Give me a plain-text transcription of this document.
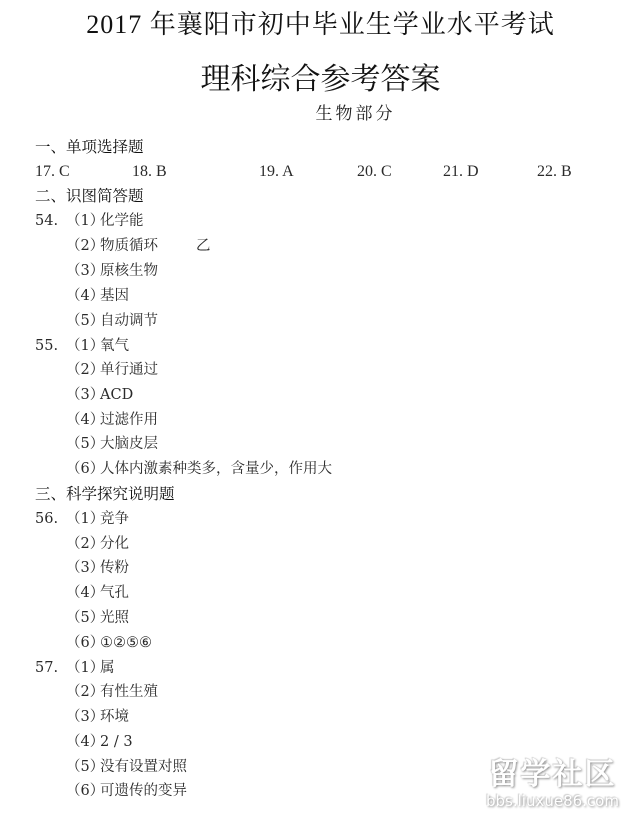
2017 年襄阳市初中毕业生学业水平考试
理科综合参考答案
生物部分
一、单项选择题
17. C	18. B	19. A	20. C	21. D	22. B
二、识图简答题
54. （1）
化学能
（2）
物质循环	乙
（3）
原核生物
（4）
基因
（5）
自动调节
55. （1）
氧气
（2）
单行通过
（3）
ACD
（4）
过滤作用
（5）
大脑皮层
（6）
人体内激素种类多，含量少，作用大
三、科学探究说明题
56. （1）
竞争
（2）
分化
（3）
传粉
（4）
气孔
（5）
光照
（6）
①②⑤⑥
57. （1）
属
（2）
有性生殖
（3）
环境
（4）
2 / 3
（5）
没有设置对照
（6）
可遗传的变异	留学社区
bbs.liuxue86.com
